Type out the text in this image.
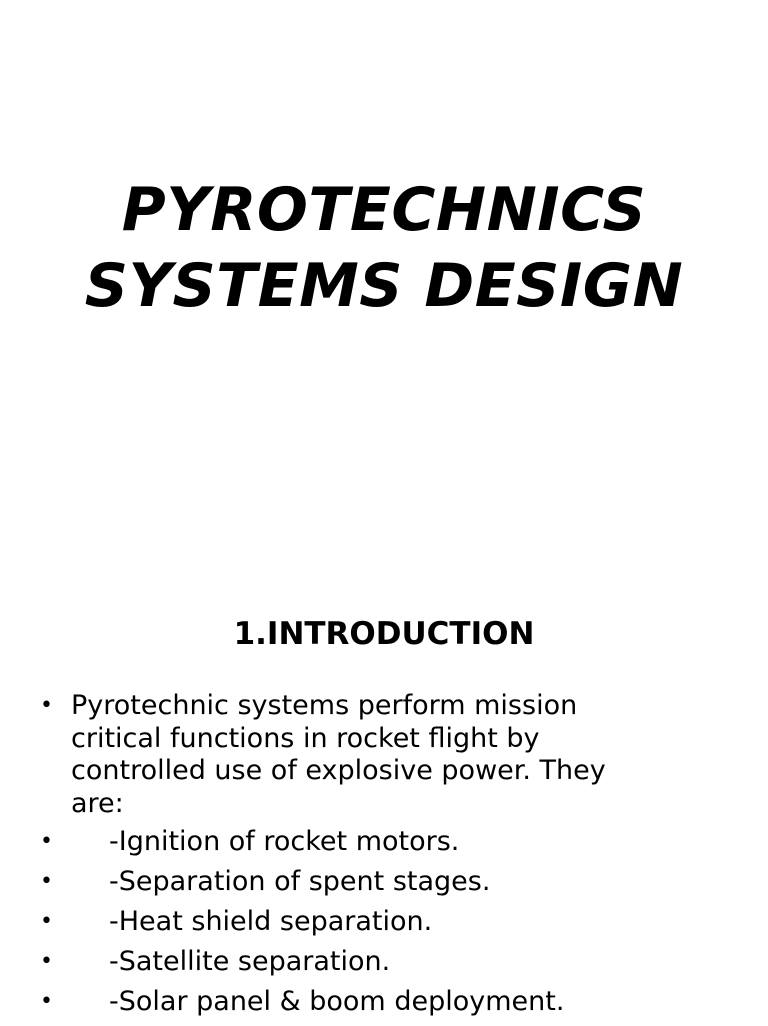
PYROTECHNICS
SYSTEMS DESIGN
1.INTRODUCTION
• Pyrotechnic systems perform mission
critical functions in rocket flight by
controlled use of explosive power. They
are:
• -Ignition of rocket motors.
• -Separation of spent stages.
• -Heat shield separation.
• -Satellite separation.
• -Solar panel & boom deployment.
